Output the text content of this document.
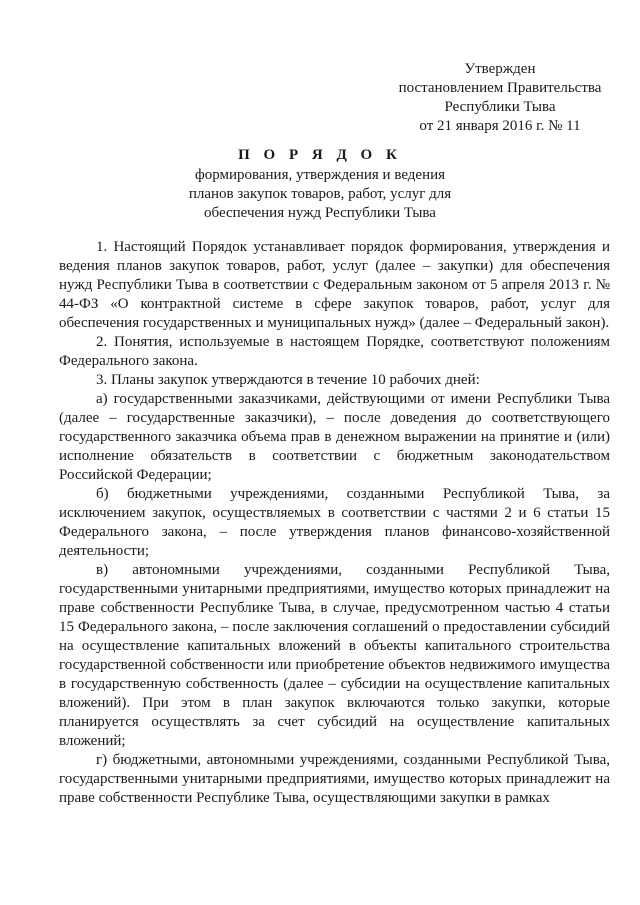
Утвержден
постановлением Правительства
Республики Тыва
от 21 января 2016 г. № 11
П О Р Я Д О К
формирования, утверждения и ведения
планов закупок товаров, работ, услуг для
обеспечения нужд Республики Тыва

1. Настоящий Порядок устанавливает порядок формирования, утверждения и ведения планов закупок товаров, работ, услуг (далее – закупки) для обеспечения нужд Республики Тыва в соответствии с Федеральным законом от 5 апреля 2013 г. № 44-ФЗ «О контрактной системе в сфере закупок товаров, работ, услуг для обеспечения государственных и муниципальных нужд» (далее – Федеральный закон).

2. Понятия, используемые в настоящем Порядке, соответствуют положениям Федерального закона.

3. Планы закупок утверждаются в течение 10 рабочих дней:

а) государственными заказчиками, действующими от имени Республики Тыва (далее – государственные заказчики), – после доведения до соответствующего государственного заказчика объема прав в денежном выражении на принятие и (или) исполнение обязательств в соответствии с бюджетным законодательством Российской Федерации;

б) бюджетными учреждениями, созданными Республикой Тыва, за исключением закупок, осуществляемых в соответствии с частями 2 и 6 статьи 15 Федерального закона, – после утверждения планов финансово-хозяйственной деятельности;

в) автономными учреждениями, созданными Республикой Тыва, государственными унитарными предприятиями, имущество которых принадлежит на праве собственности Республике Тыва, в случае, предусмотренном частью 4 статьи 15 Федерального закона, – после заключения соглашений о предоставлении субсидий на осуществление капитальных вложений в объекты капитального строительства государственной собственности или приобретение объектов недвижимого имущества в государственную собственность (далее – субсидии на осуществление капитальных вложений). При этом в план закупок включаются только закупки, которые планируется осуществлять за счет субсидий на осуществление капитальных вложений;

г) бюджетными, автономными учреждениями, созданными Республикой Тыва, государственными унитарными предприятиями, имущество которых принадлежит на праве собственности Республике Тыва, осуществляющими закупки в рамках
